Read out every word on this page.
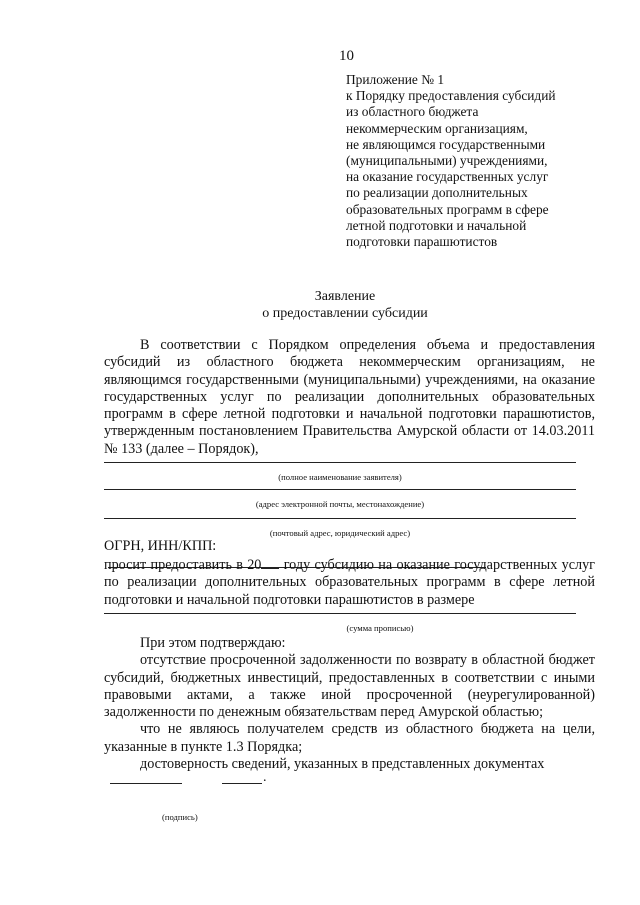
10
Приложение № 1
к Порядку предоставления субсидий
из областного бюджета
некоммерческим организациям,
не являющимся государственными
(муниципальными) учреждениями,
на оказание государственных услуг
по реализации дополнительных
образовательных программ в сфере
летной подготовки и начальной
подготовки парашютистов
Заявление
о предоставлении субсидии

В соответствии с Порядком определения объема и предоставления субсидий из областного бюджета некоммерческим организациям, не являющимся государственными (муниципальными) учреждениями, на оказание государственных услуг по реализации дополнительных образовательных программ в сфере летной подготовки и начальной подготовки парашютистов, утвержденным постановлением Правительства Амурской области от 14.03.2011 № 133 (далее – Порядок),

(полное наименование заявителя)
(адрес электронной почты, местонахождение)
(почтовый адрес, юридический адрес)
ОГРН, ИНН/КПП:

просит предоставить в 20 году субсидию на оказание государственных услуг по реализации дополнительных образовательных программ в сфере летной подготовки и начальной подготовки парашютистов в размере

(сумма прописью)

При этом подтверждаю:

отсутствие просроченной задолженности по возврату в областной бюджет субсидий, бюджетных инвестиций, предоставленных в соответствии с иными правовыми актами, а также иной просроченной (неурегулированной) задолженности по денежным обязательствам перед Амурской областью;

что не являюсь получателем средств из областного бюджета на цели, указанные в пункте 1.3 Порядка;

достоверность сведений, указанных в представленных документах

.
(подпись)
